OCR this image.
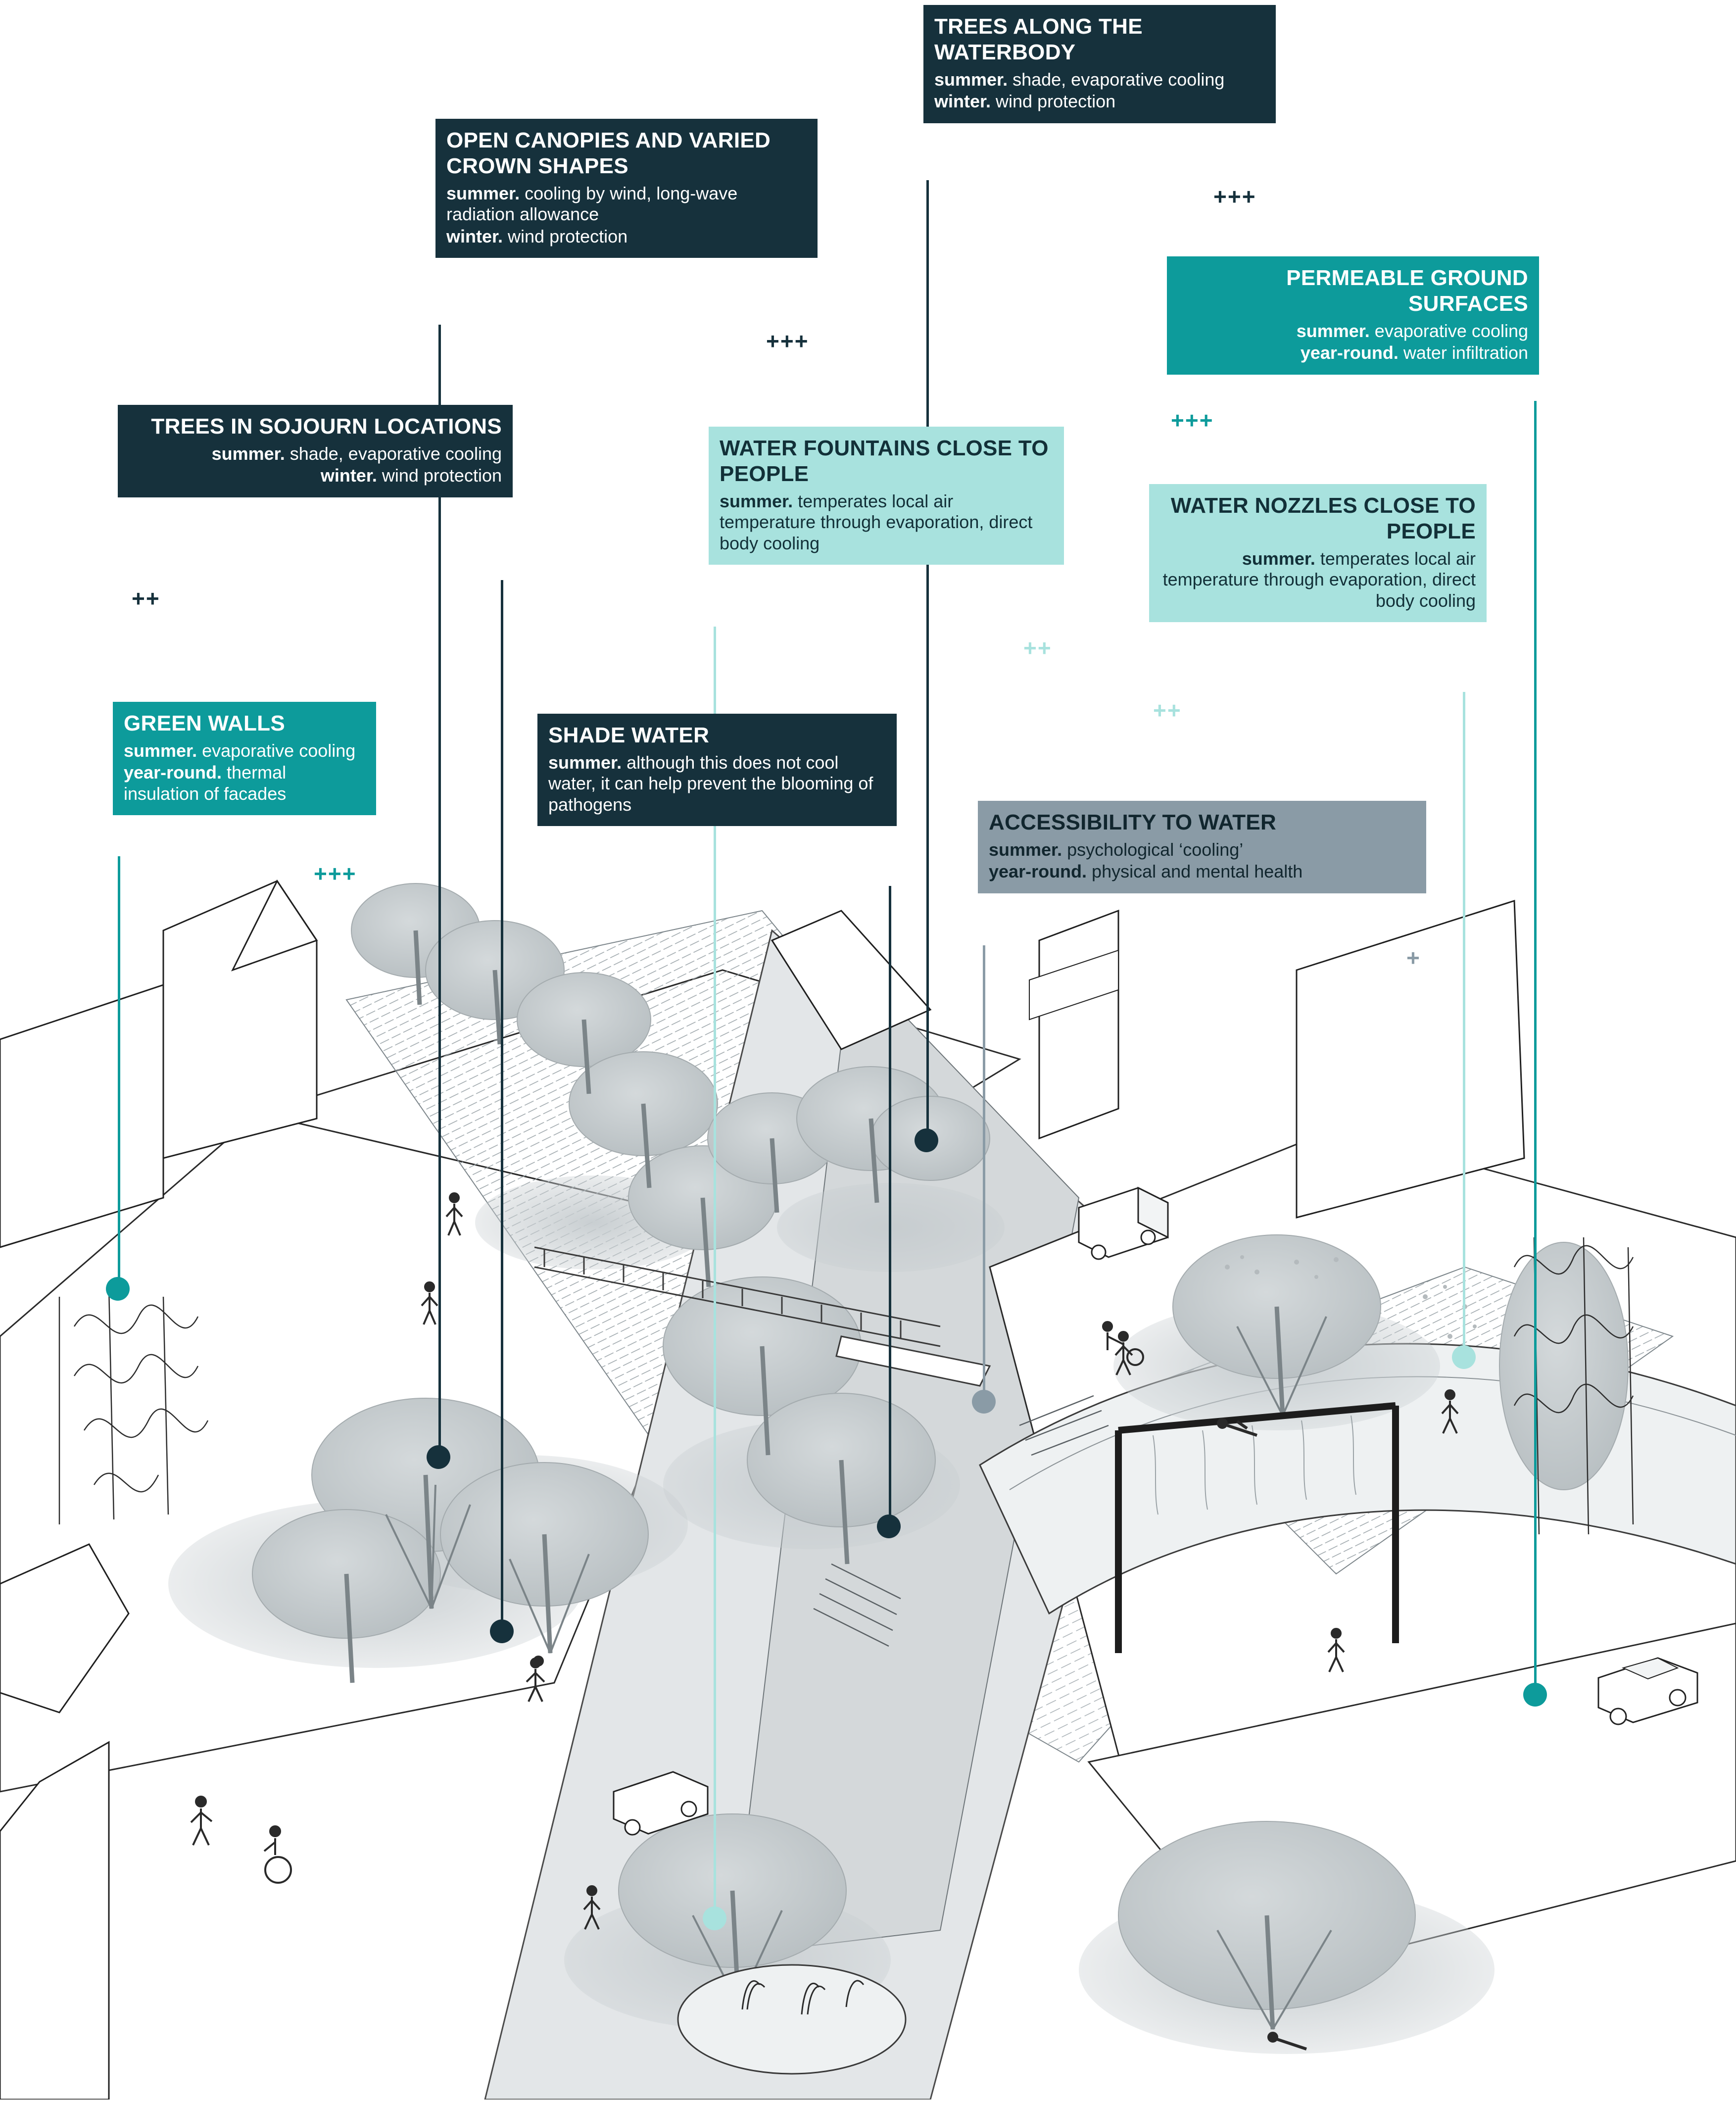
TREES ALONG THE WATERBODY
summer. shade, evaporative cooling
winter. wind protection
+++
OPEN CANOPIES AND VARIED CROWN SHAPES
summer. cooling by wind, long-wave radiation allowance
winter. wind protection
+++
PERMEABLE GROUND SURFACES
summer. evaporative cooling
year-round. water infiltration
+++
TREES IN SOJOURN LOCATIONS
summer. shade, evaporative cooling
winter. wind protection
++
WATER FOUNTAINS CLOSE TO PEOPLE
summer. temperates local air temperature through evaporation, direct body cooling
++
WATER NOZZLES CLOSE TO PEOPLE
summer. temperates local air temperature through evaporation, direct body cooling
++
GREEN WALLS
summer. evaporative cooling
year-round. thermal insulation of facades
+++
SHADE WATER
summer. although this does not cool water, it can help prevent the blooming of pathogens
ACCESSIBILITY TO WATER
summer. psychological ‘cooling’
year-round. physical and mental health
+
